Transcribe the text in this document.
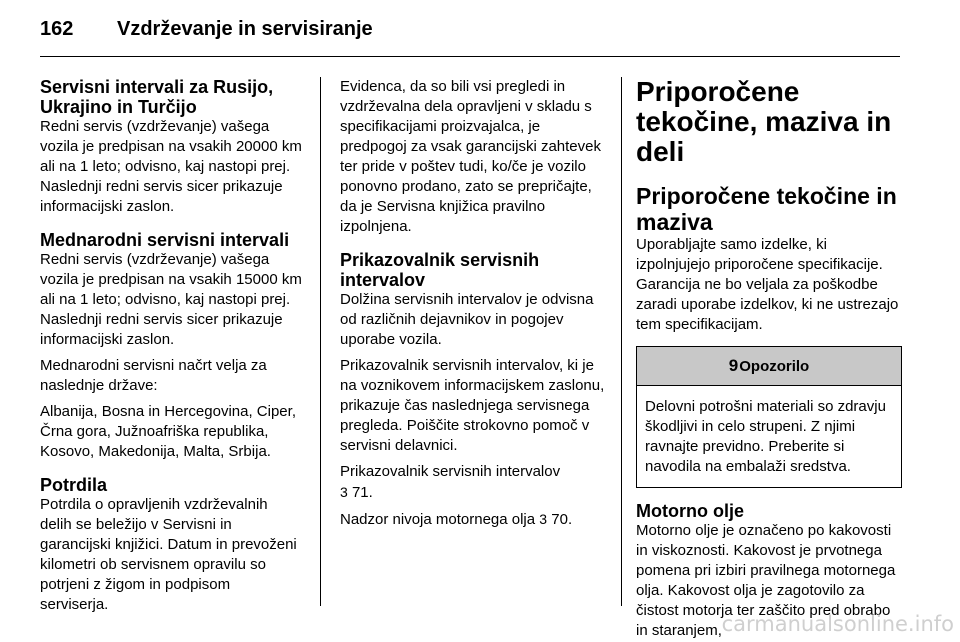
162 Vzdrževanje in servisiranje
Servisni intervali za Rusijo, Ukrajino in Turčijo

Redni servis (vzdrževanje) vašega vozila je predpisan na vsakih 20000 km ali na 1 leto; odvisno, kaj nastopi prej. Naslednji redni servis sicer prikazuje informacijski zaslon.

Mednarodni servisni intervali

Redni servis (vzdrževanje) vašega vozila je predpisan na vsakih 15000 km ali na 1 leto; odvisno, kaj nastopi prej. Naslednji redni servis sicer prikazuje informacijski zaslon.

Mednarodni servisni načrt velja za naslednje države:

Albanija, Bosna in Hercegovina, Ciper, Črna gora, Južnoafriška republika, Kosovo, Makedonija, Malta, Srbija.

Potrdila

Potrdila o opravljenih vzdrževalnih delih se beležijo v Servisni in garancijski knjižici. Datum in prevoženi kilometri ob servisnem opravilu so potrjeni z žigom in podpisom serviserja.

Evidenca, da so bili vsi pregledi in vzdrževalna dela opravljeni v skladu s specifikacijami proizvajalca, je predpogoj za vsak garancijski zahtevek ter pride v poštev tudi, ko/če je vozilo ponovno prodano, zato se prepričajte, da je Servisna knjižica pravilno izpolnjena.

Prikazovalnik servisnih intervalov

Dolžina servisnih intervalov je odvisna od različnih dejavnikov in pogojev uporabe vozila.

Prikazovalnik servisnih intervalov, ki je na voznikovem informacijskem zaslonu, prikazuje čas naslednjega servisnega pregleda. Poiščite strokovno pomoč v servisni delavnici.

Prikazovalnik servisnih intervalov
3 71.

Nadzor nivoja motornega olja 3 70.

Priporočene tekočine, maziva in deli
Priporočene tekočine in maziva

Uporabljajte samo izdelke, ki izpolnjujejo priporočene specifikacije. Garancija ne bo veljala za poškodbe zaradi uporabe izdelkov, ki ne ustrezajo tem specifikacijam.

9 Opozorilo

Delovni potrošni materiali so zdravju škodljivi in celo strupeni. Z njimi ravnajte previdno. Preberite si navodila na embalaži sredstva.

Motorno olje

Motorno olje je označeno po kakovosti in viskoznosti. Kakovost je prvotnega pomena pri izbiri pravilnega motornega olja. Kakovost olja je zagotovilo za čistost motorja ter zaščito pred obrabo in staranjem, carmanualsonline.info
